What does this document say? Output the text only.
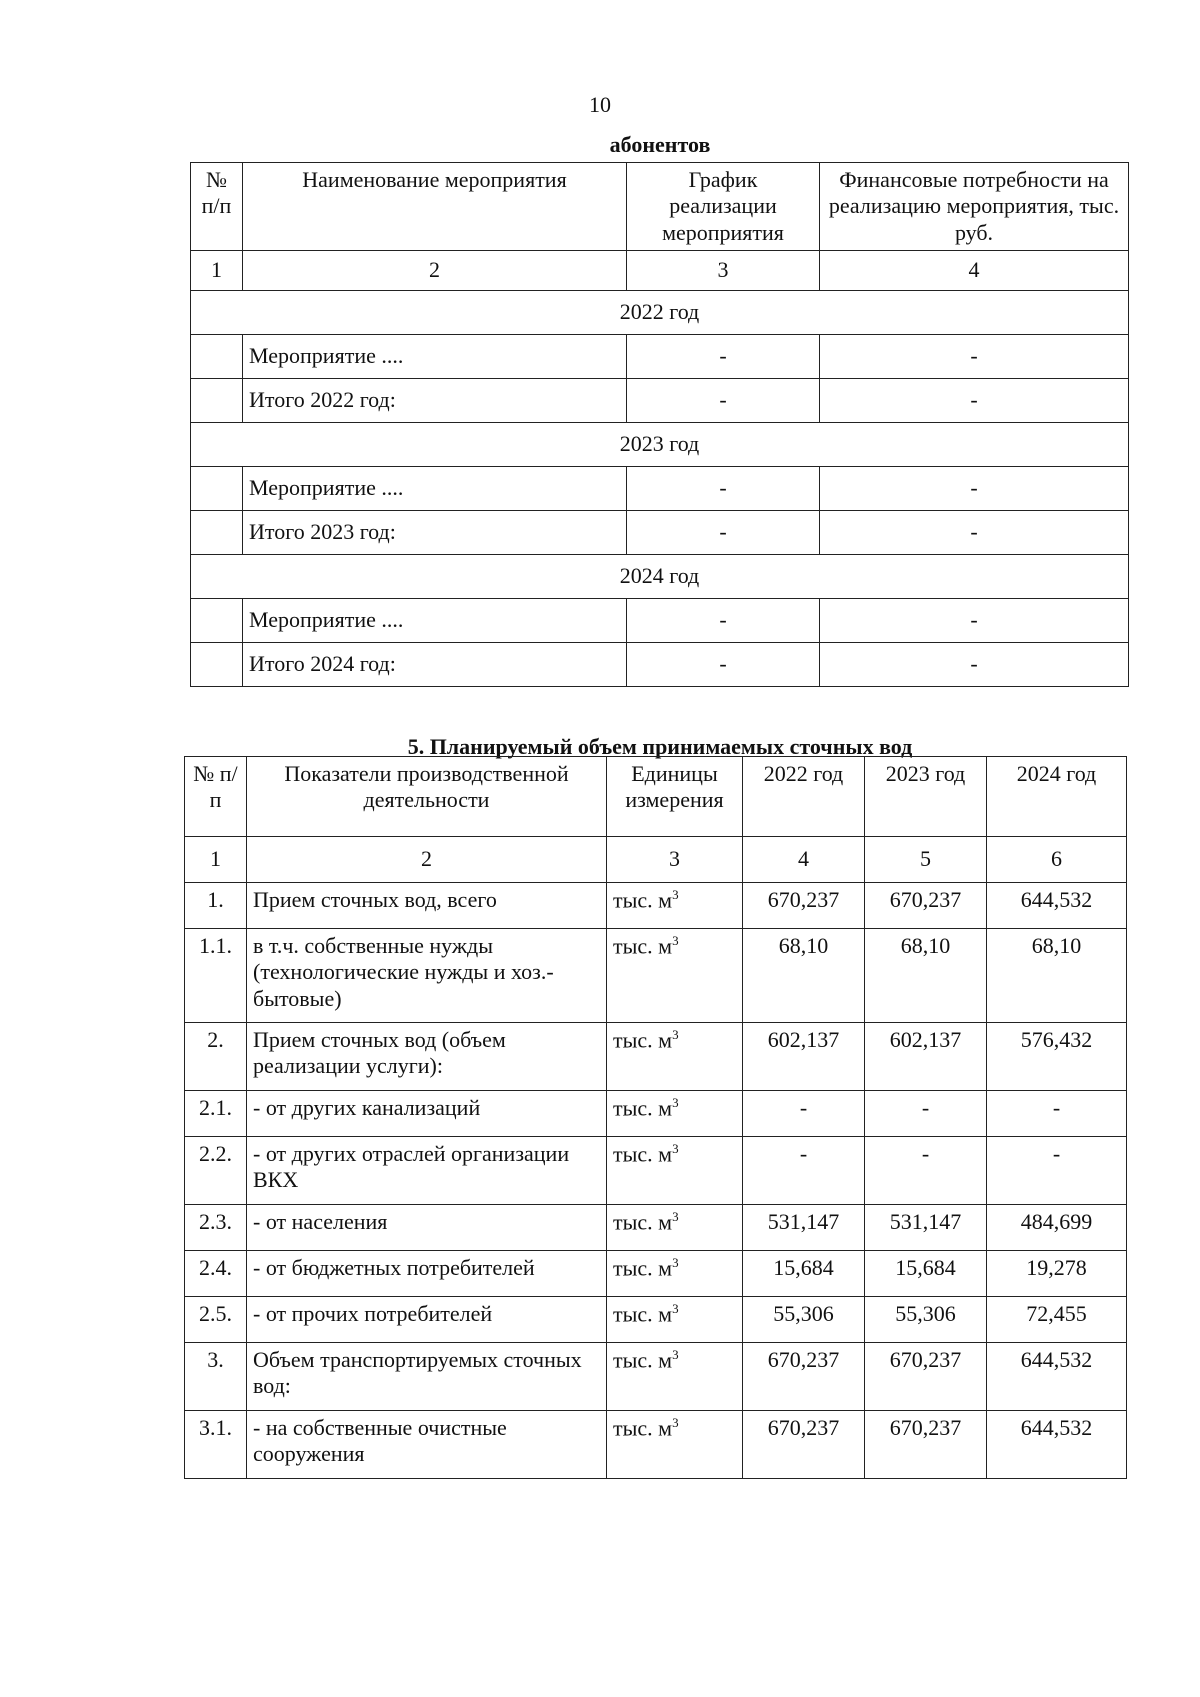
10
абонентов
№ п/п	Наименование мероприятия	График реализации мероприятия	Финансовые потребности на реализацию мероприятия, тыс. руб.
1	2	3	4
2022 год			
	Мероприятие ....	-	-
	Итого 2022 год:	-	-
2023 год			
	Мероприятие ....	-	-
	Итого 2023 год:	-	-
2024 год			
	Мероприятие ....	-	-
	Итого 2024 год:	-	-
5. Планируемый объем принимаемых сточных вод
№ п/п	Показатели производственной деятельности	Единицы измерения	2022 год	2023 год	2024 год
1	2	3	4	5	6
1.	Прием сточных вод, всего	тыс. $м^3$	670,237	670,237	644,532
1.1.	в т.ч. собственные нужды (технологические нужды и хоз.-бытовые)	тыс. $м^3$	68,10	68,10	68,10
2.	Прием сточных вод (объем реализации услуги):	тыс. $м^3$	602,137	602,137	576,432
2.1.	- от других канализаций	тыс. $м^3$	-	-	-
2.2.	- от других отраслей организации ВКХ	тыс. $м^3$	-	-	-
2.3.	- от населения	тыс. $м^3$	531,147	531,147	484,699
2.4.	- от бюджетных потребителей	тыс. $м^3$	15,684	15,684	19,278
2.5.	- от прочих потребителей	тыс. $м^3$	55,306	55,306	72,455
3.	Объем транспортируемых сточных вод:	тыс. $м^3$	670,237	670,237	644,532
3.1.	- на собственные очистные сооружения	тыс. $м^3$	670,237	670,237	644,532
